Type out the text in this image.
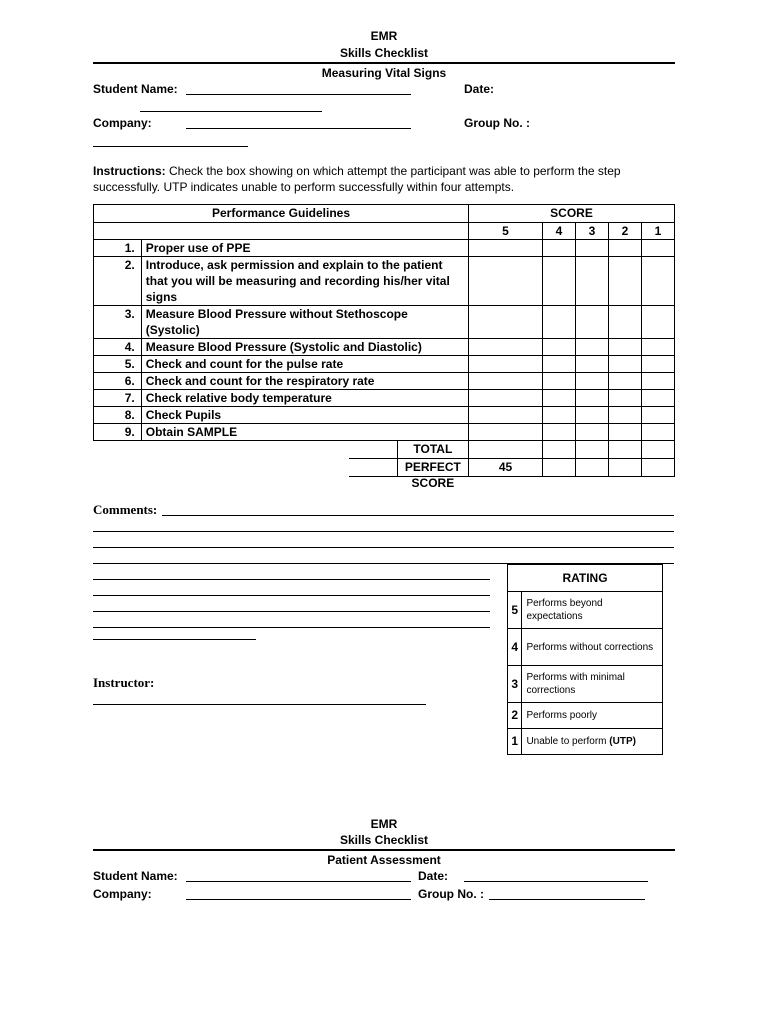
EMR
Skills Checklist
Measuring Vital Signs
Student Name:	Date:
Company:	Group No. :
Instructions: Check the box showing on which attempt the participant was able to perform the step successfully. UTP indicates unable to perform successfully within four attempts.
Performance Guidelines		SCORE				
		5	4	3	2	1
1.	Proper use of PPE					
2.	Introduce, ask permission and explain to the patient that you will be measuring and recording his/her vital signs					
3.	Measure Blood Pressure without Stethoscope (Systolic)					
4.	Measure Blood Pressure (Systolic and Diastolic)					
5.	Check and count for the pulse rate					
6.	Check and count for the respiratory rate					
7.	Check relative body temperature					
8.	Check Pupils					
9.	Obtain SAMPLE					

	TOTAL					

	PERFECT SCORE	45				
Comments:
Instructor:
RATING	
5	Performs beyond expectations
4	Performs without corrections
3	Performs with minimal corrections
2	Performs poorly
1	Unable to perform (UTP)
EMR
Skills Checklist
Patient Assessment
Student Name:	Date:
Company:	Group No. :
